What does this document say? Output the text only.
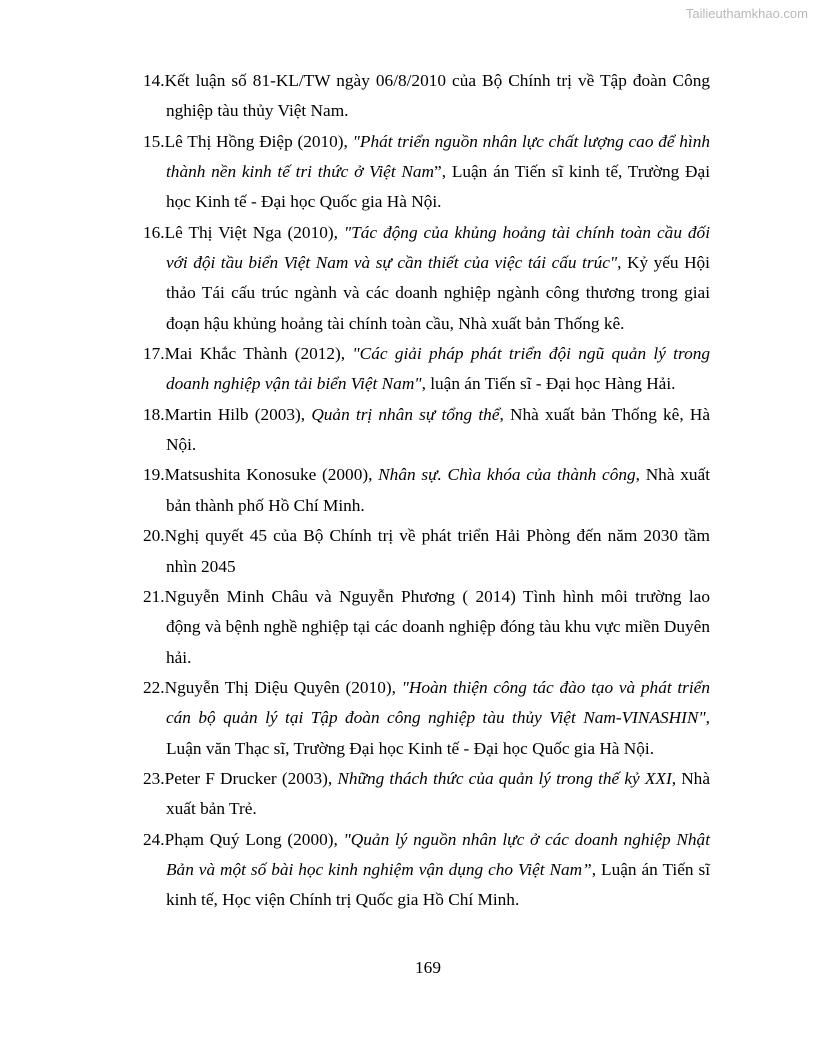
Tailieuthamkhao.com
14.Kết luận số 81-KL/TW ngày 06/8/2010 của Bộ Chính trị về Tập đoàn Công nghiệp tàu thủy Việt Nam.
15.Lê Thị Hồng Điệp (2010), "Phát triển nguồn nhân lực chất lượng cao để hình thành nền kinh tế tri thức ở Việt Nam”, Luận án Tiến sĩ kinh tế, Trường Đại học Kinh tế - Đại học Quốc gia Hà Nội.
16.Lê Thị Việt Nga (2010), "Tác động của khủng hoảng tài chính toàn cầu đối với đội tầu biển Việt Nam và sự cần thiết của việc tái cấu trúc", Kỷ yếu Hội thảo Tái cấu trúc ngành và các doanh nghiệp ngành công thương trong giai đoạn hậu khủng hoảng tài chính toàn cầu, Nhà xuất bản Thống kê.
17.Mai Khắc Thành (2012), "Các giải pháp phát triển đội ngũ quản lý trong doanh nghiệp vận tải biển Việt Nam", luận án Tiến sĩ - Đại học Hàng Hải.
18.Martin Hilb (2003), Quản trị nhân sự tổng thể, Nhà xuất bản Thống kê, Hà Nội.
19.Matsushita Konosuke (2000), Nhân sự. Chìa khóa của thành công, Nhà xuất bản thành phố Hồ Chí Minh.
20.Nghị quyết 45 của Bộ Chính trị về phát triển Hải Phòng đến năm 2030 tầm nhìn 2045
21.Nguyễn Minh Châu và Nguyễn Phương ( 2014) Tình hình môi trường lao động và bệnh nghề nghiệp tại các doanh nghiệp đóng tàu khu vực miền Duyên hải.
22.Nguyễn Thị Diệu Quyên (2010), "Hoàn thiện công tác đào tạo và phát triển cán bộ quản lý tại Tập đoàn công nghiệp tàu thủy Việt Nam-VINASHIN", Luận văn Thạc sĩ, Trường Đại học Kinh tế - Đại học Quốc gia Hà Nội.
23.Peter F Drucker (2003), Những thách thức của quản lý trong thế kỷ XXI, Nhà xuất bản Trẻ.
24.Phạm Quý Long (2000), "Quản lý nguồn nhân lực ở các doanh nghiệp Nhật Bản và một số bài học kinh nghiệm vận dụng cho Việt Nam”, Luận án Tiến sĩ kinh tế, Học viện Chính trị Quốc gia Hồ Chí Minh.
169
